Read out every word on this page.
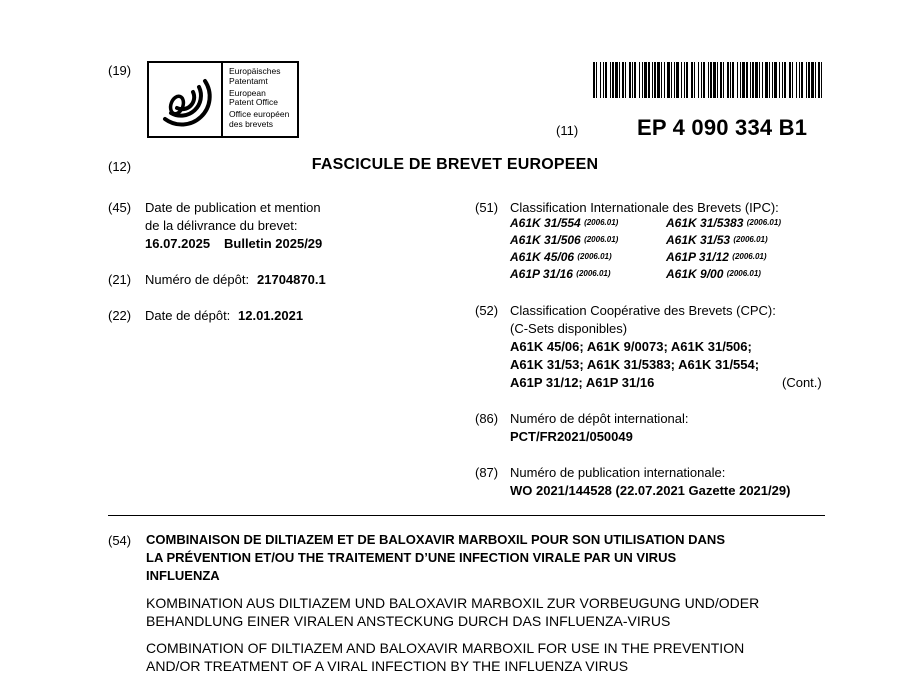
(19)	Europäisches
Patentamt
European
Patent Office
Office européen
des brevets	(11)	EP 4 090 334 B1
(12)	FASCICULE DE BREVET EUROPEEN
(45) Date de publication et mention
de la délivrance du brevet:
16.07.2025 Bulletin 2025/29
(21) Numéro de dépôt: 21704870.1
(22) Date de dépôt: 12.01.2021
(51) Classification Internationale des Brevets (IPC):
A61K 31/554 $^{(2006.01)}$	A61K 31/5383 $^{(2006.01)}$
A61K 31/506 $^{(2006.01)}$	A61K 31/53 $^{(2006.01)}$
A61K 45/06 $^{(2006.01)}$	A61P 31/12 $^{(2006.01)}$
A61P 31/16 $^{(2006.01)}$	A61K 9/00 $^{(2006.01)}$
(52) Classification Coopérative des Brevets (CPC):
(C-Sets disponibles)
A61K 45/06; A61K 9/0073; A61K 31/506;
A61K 31/53; A61K 31/5383; A61K 31/554;
A61P 31/12; A61P 31/16	(Cont.)
(86) Numéro de dépôt international:
PCT/FR2021/050049
(87) Numéro de publication internationale:
WO 2021/144528 (22.07.2021 Gazette 2021/29)
(54) COMBINAISON DE DILTIAZEM ET DE BALOXAVIR MARBOXIL POUR SON UTILISATION DANS
LA PRÉVENTION ET/OU THE TRAITEMENT D’UNE INFECTION VIRALE PAR UN VIRUS
INFLUENZA
KOMBINATION AUS DILTIAZEM UND BALOXAVIR MARBOXIL ZUR VORBEUGUNG UND/ODER
BEHANDLUNG EINER VIRALEN ANSTECKUNG DURCH DAS INFLUENZA-VIRUS
COMBINATION OF DILTIAZEM AND BALOXAVIR MARBOXIL FOR USE IN THE PREVENTION
AND/OR TREATMENT OF A VIRAL INFECTION BY THE INFLUENZA VIRUS
